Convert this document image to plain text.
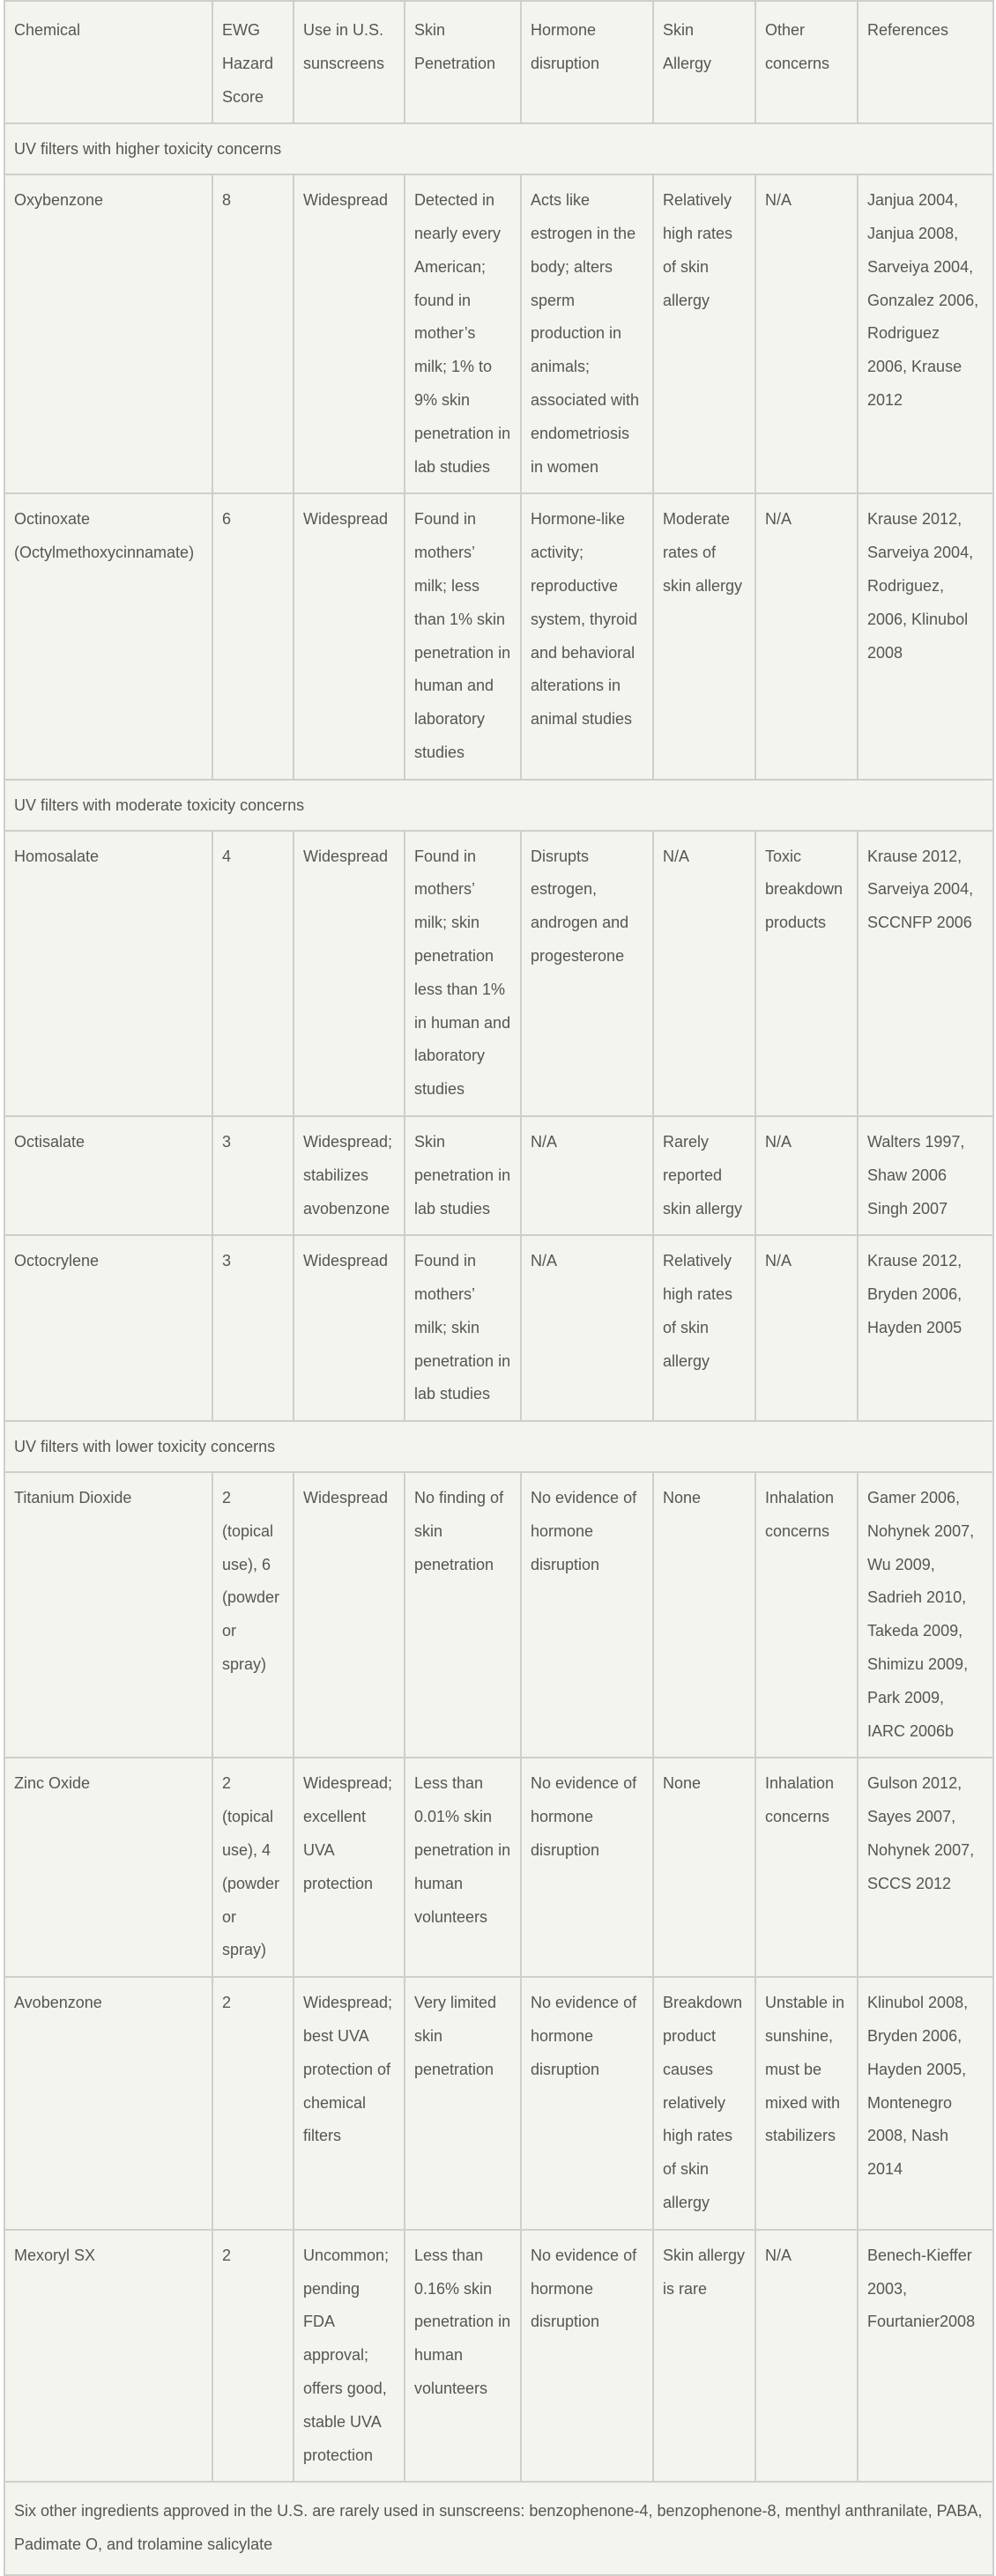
Chemical	EWG Hazard Score	Use in U.S. sunscreens	Skin Penetration	Hormone disruption	Skin Allergy	Other concerns	References
UV filters with higher toxicity concerns							
Oxybenzone	8	Widespread	Detected in nearly every American; found in mother’s milk; 1% to 9% skin penetration in lab studies	Acts like estrogen in the body; alters sperm production in animals; associated with endometriosis in women	Relatively high rates of skin allergy	N/A	Janjua 2004, Janjua 2008, Sarveiya 2004, Gonzalez 2006, Rodriguez 2006, Krause 2012
Octinoxate (Octylmethoxycinnamate)	6	Widespread	Found in mothers’ milk; less than 1% skin penetration in human and laboratory studies	Hormone-like activity; reproductive system, thyroid and behavioral alterations in animal studies	Moderate rates of skin allergy	N/A	Krause 2012, Sarveiya 2004, Rodriguez, 2006, Klinubol 2008
UV filters with moderate toxicity concerns							
Homosalate	4	Widespread	Found in mothers’ milk; skin penetration less than 1% in human and laboratory studies	Disrupts estrogen, androgen and progesterone	N/A	Toxic breakdown products	Krause 2012, Sarveiya 2004, SCCNFP 2006
Octisalate	3	Widespread; stabilizes avobenzone	Skin penetration in lab studies	N/A	Rarely reported skin allergy	N/A	Walters 1997, Shaw 2006 Singh 2007
Octocrylene	3	Widespread	Found in mothers’ milk; skin penetration in lab studies	N/A	Relatively high rates of skin allergy	N/A	Krause 2012, Bryden 2006, Hayden 2005
UV filters with lower toxicity concerns							
Titanium Dioxide	2 (topical use), 6 (powder or spray)	Widespread	No finding of skin penetration	No evidence of hormone disruption	None	Inhalation concerns	Gamer 2006, Nohynek 2007, Wu 2009, Sadrieh 2010, Takeda 2009, Shimizu 2009, Park 2009, IARC 2006b
Zinc Oxide	2 (topical use), 4 (powder or spray)	Widespread; excellent UVA protection	Less than 0.01% skin penetration in human volunteers	No evidence of hormone disruption	None	Inhalation concerns	Gulson 2012, Sayes 2007, Nohynek 2007, SCCS 2012
Avobenzone	2	Widespread; best UVA protection of chemical filters	Very limited skin penetration	No evidence of hormone disruption	Breakdown product causes relatively high rates of skin allergy	Unstable in sunshine, must be mixed with stabilizers	Klinubol 2008, Bryden 2006, Hayden 2005, Montenegro 2008, Nash 2014
Mexoryl SX	2	Uncommon; pending FDA approval; offers good, stable UVA protection	Less than 0.16% skin penetration in human volunteers	No evidence of hormone disruption	Skin allergy is rare	N/A	Benech-Kieffer 2003, Fourtanier2008
Six other ingredients approved in the U.S. are rarely used in sunscreens: benzophenone-4, benzophenone-8, menthyl anthranilate, PABA, Padimate O, and trolamine salicylate							
